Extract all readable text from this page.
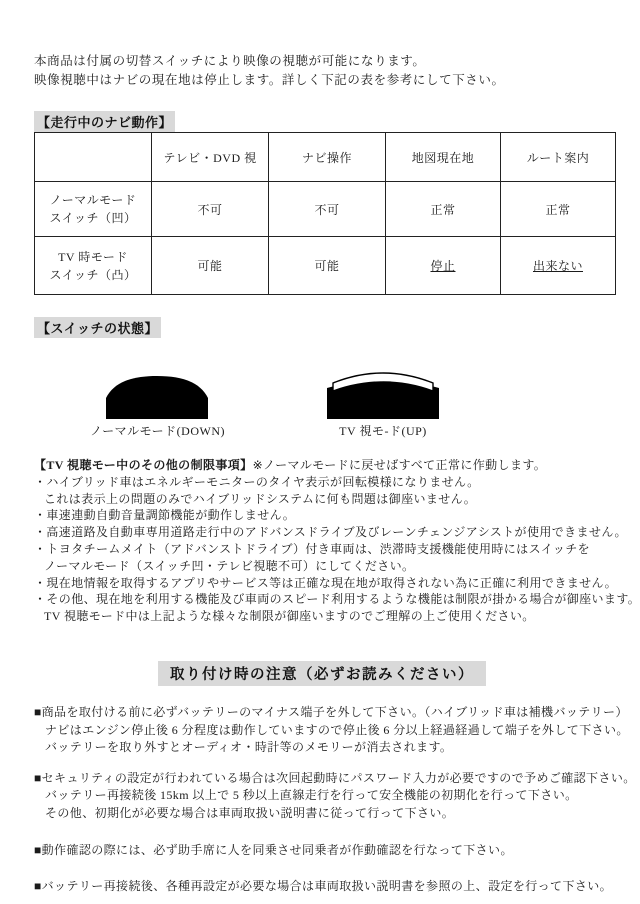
本商品は付属の切替スイッチにより映像の視聴が可能になります。
映像視聴中はナビの現在地は停止します。詳しく下記の表を参考にして下さい。
【走行中のナビ動作】
	テレビ・DVD 視	ナビ操作	地図現在地	ルート案内

ノーマルモード
スイッチ（凹）	不可	不可	正常	正常

TV 時モード
スイッチ（凸）	可能	可能	停止	出来ない
【スイッチの状態】
ノーマルモード(DOWN)	TV 視モ-ド(UP)
【TV 視聴モー中のその他の制限事項】※ノーマルモードに戻せばすべて正常に作動します。
・ハイブリッド車はエネルギーモニターのタイヤ表示が回転模様になりません。
これは表示上の問題のみでハイブリッドシステムに何も問題は御座いません。
・車速連動自動音量調節機能が動作しません。
・高速道路及自動車専用道路走行中のアドバンスドライブ及びレーンチェンジアシストが使用できません。
・トヨタチームメイト（アドバンストドライブ）付き車両は、渋滞時支援機能使用時にはスイッチを
ノーマルモード（スイッチ凹・テレビ視聴不可）にしてください。
・現在地情報を取得するアプリやサービス等は正確な現在地が取得されない為に正確に利用できません。
・その他、現在地を利用する機能及び車両のスピード利用するような機能は制限が掛かる場合が御座います。
TV 視聴モード中は上記ような様々な制限が御座いますのでご理解の上ご使用ください。
取り付け時の注意（必ずお読みください）
■商品を取付ける前に必ずバッテリーのマイナス端子を外して下さい。（ハイブリッド車は補機バッテリー）
ナビはエンジン停止後 6 分程度は動作していますので停止後 6 分以上経過経過して端子を外して下さい。
バッテリーを取り外すとオーディオ・時計等のメモリーが消去されます。
■セキュリティの設定が行われている場合は次回起動時にパスワード入力が必要ですので予めご確認下さい。
バッテリー再接続後 15km 以上で 5 秒以上直線走行を行って安全機能の初期化を行って下さい。
その他、初期化が必要な場合は車両取扱い説明書に従って行って下さい。
■動作確認の際には、必ず助手席に人を同乗させ同乗者が作動確認を行なって下さい。
■バッテリー再接続後、各種再設定が必要な場合は車両取扱い説明書を参照の上、設定を行って下さい。
